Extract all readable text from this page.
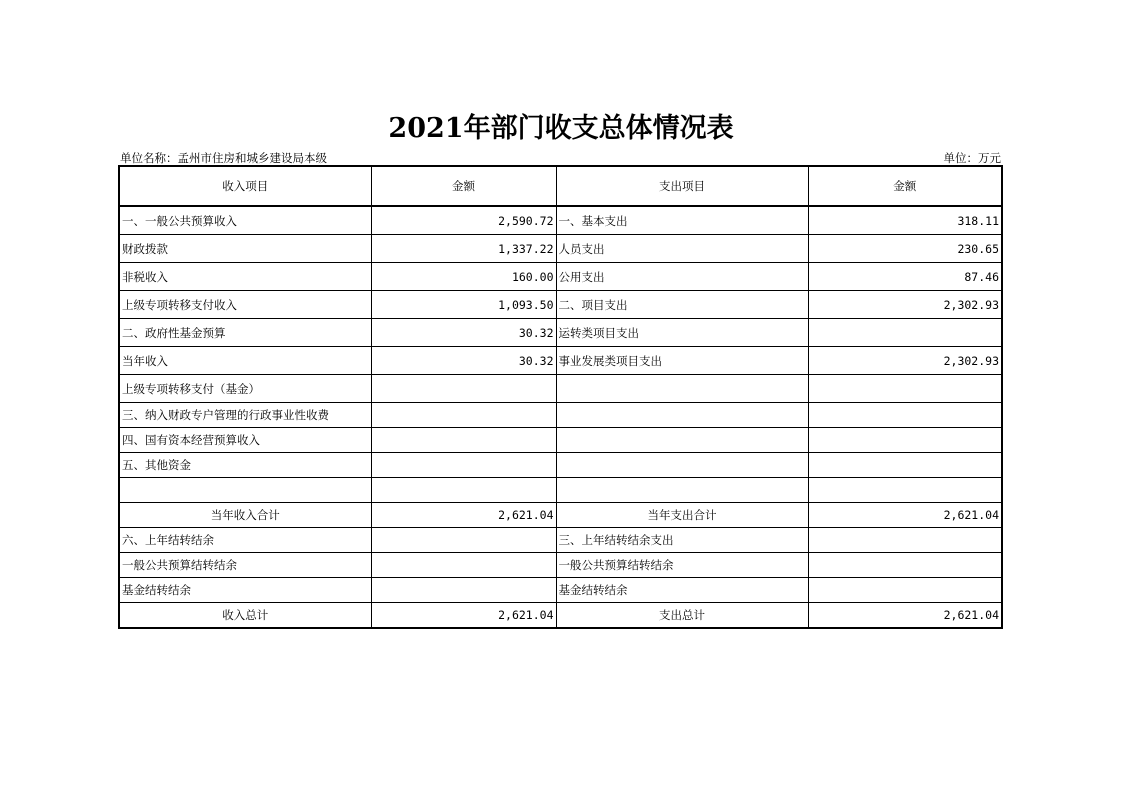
2021年部门收支总体情况表
单位名称：孟州市住房和城乡建设局本级	单位：万元
收入项目	金额	支出项目	金额
一、一般公共预算收入	2,590.72	一、基本支出	318.11
财政拨款	1,337.22	人员支出	230.65
非税收入	160.00	公用支出	87.46
上级专项转移支付收入	1,093.50	二、项目支出	2,302.93
二、政府性基金预算	30.32	运转类项目支出	
当年收入	30.32	事业发展类项目支出	2,302.93
上级专项转移支付（基金）			
三、纳入财政专户管理的行政事业性收费			
四、国有资本经营预算收入			
五、其他资金			

当年收入合计	2,621.04	当年支出合计	2,621.04
六、上年结转结余		三、上年结转结余支出	
一般公共预算结转结余		一般公共预算结转结余	
基金结转结余		基金结转结余	
收入总计	2,621.04	支出总计	2,621.04
